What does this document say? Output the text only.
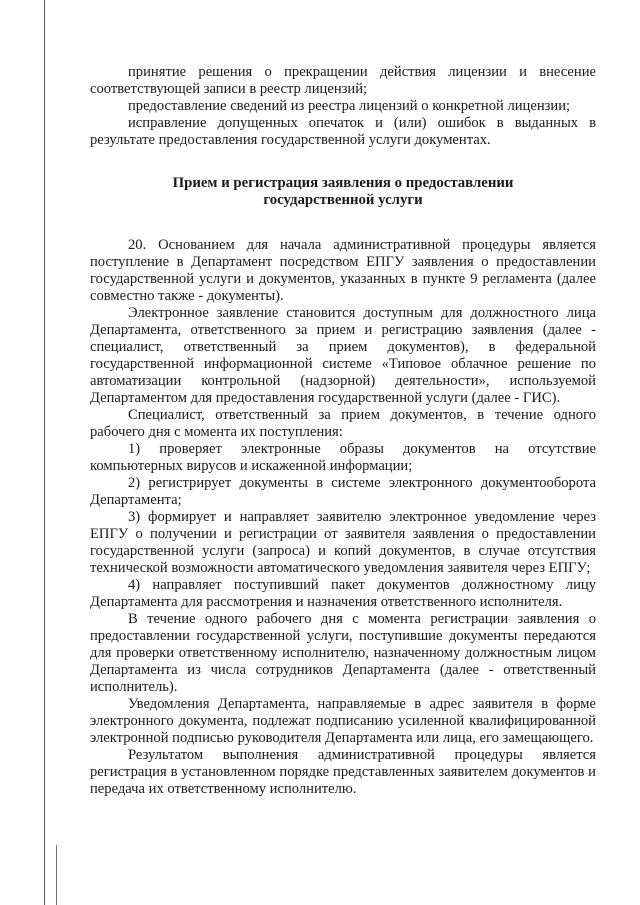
принятие решения о прекращении действия лицензии и внесение соответствующей записи в реестр лицензий;

предоставление сведений из реестра лицензий о конкретной лицензии;

исправление допущенных опечаток и (или) ошибок в выданных в результате предоставления государственной услуги документах.

Прием и регистрация заявления о предоставлении государственной услуги

20. Основанием для начала административной процедуры является поступление в Департамент посредством ЕПГУ заявления о предоставлении государственной услуги и документов, указанных в пункте 9 регламента (далее совместно также - документы).

Электронное заявление становится доступным для должностного лица Департамента, ответственного за прием и регистрацию заявления (далее - специалист, ответственный за прием документов), в федеральной государственной информационной системе «Типовое облачное решение по автоматизации контрольной (надзорной) деятельности», используемой Департаментом для предоставления государственной услуги (далее - ГИС).

Специалист, ответственный за прием документов, в течение одного рабочего дня с момента их поступления:

1) проверяет электронные образы документов на отсутствие компьютерных вирусов и искаженной информации;

2) регистрирует документы в системе электронного документооборота Департамента;

3) формирует и направляет заявителю электронное уведомление через ЕПГУ о получении и регистрации от заявителя заявления о предоставлении государственной услуги (запроса) и копий документов, в случае отсутствия технической возможности автоматического уведомления заявителя через ЕПГУ;

4) направляет поступивший пакет документов должностному лицу Департамента для рассмотрения и назначения ответственного исполнителя.

В течение одного рабочего дня с момента регистрации заявления о предоставлении государственной услуги, поступившие документы передаются для проверки ответственному исполнителю, назначенному должностным лицом Департамента из числа сотрудников Департамента (далее - ответственный исполнитель).

Уведомления Департамента, направляемые в адрес заявителя в форме электронного документа, подлежат подписанию усиленной квалифицированной электронной подписью руководителя Департамента или лица, его замещающего.

Результатом выполнения административной процедуры является регистрация в установленном порядке представленных заявителем документов и передача их ответственному исполнителю.
